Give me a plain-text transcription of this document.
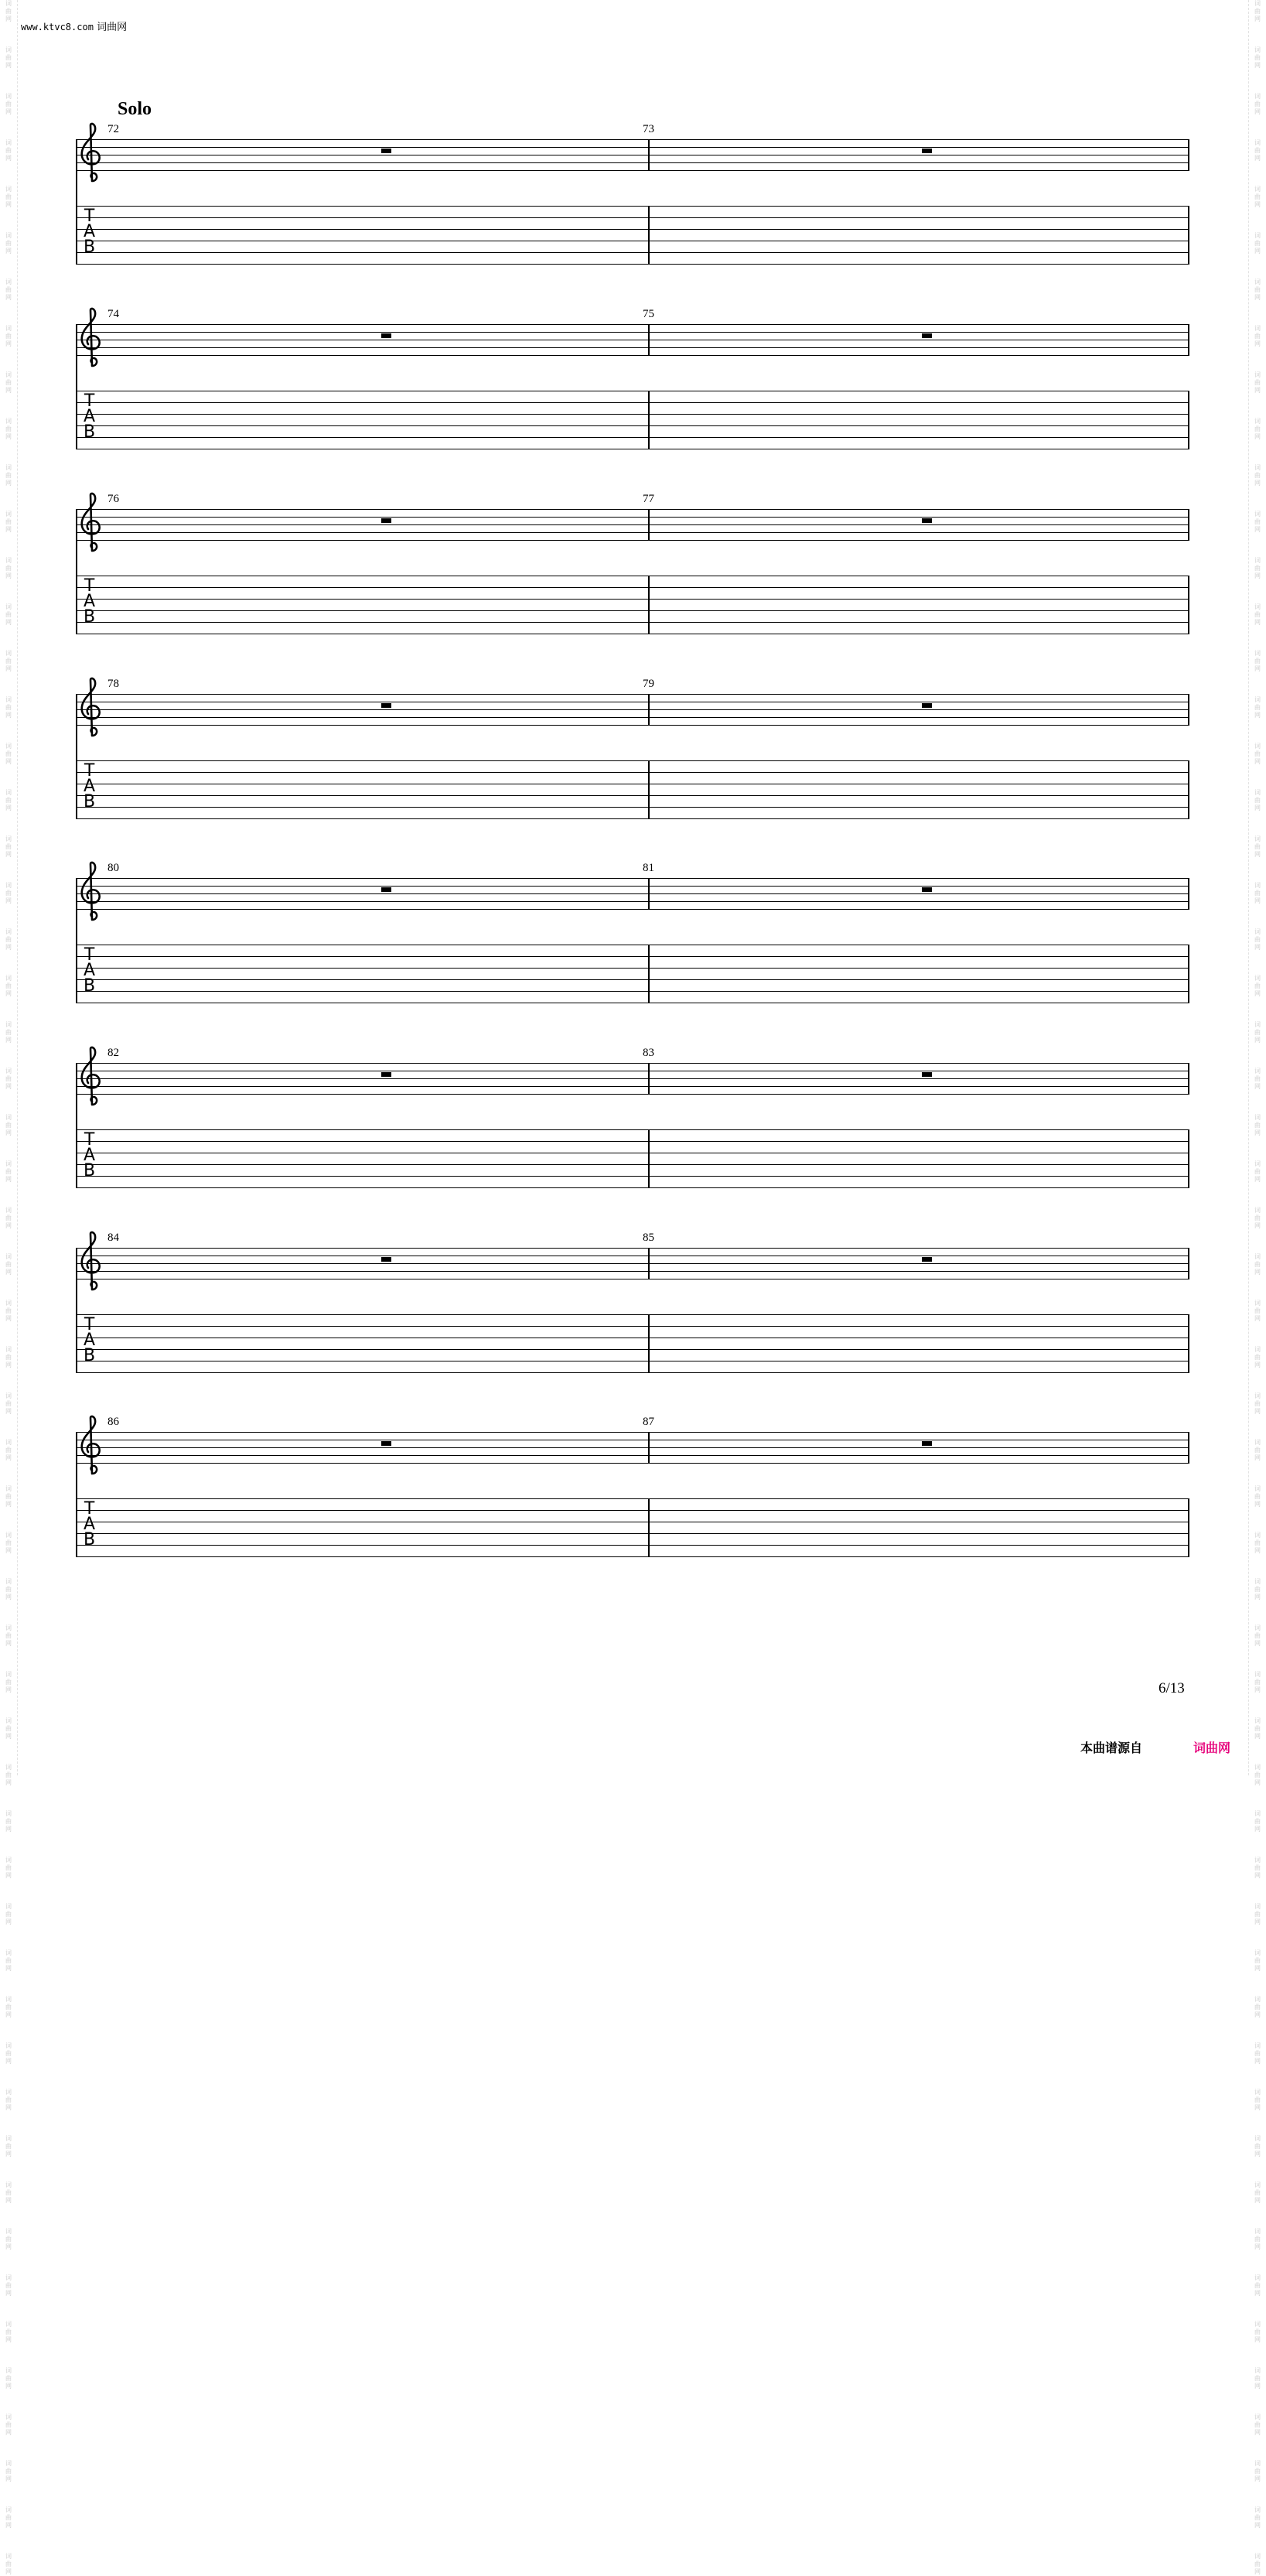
词
曲
网
词
曲
网
词
曲
网
词
曲
网
词
曲
网
词
曲
网
词
曲
网
词
曲
网
词
曲
网
词
曲
网
词
曲
网
词
曲
网
词
曲
网
词
曲
网
词
曲
网
词
曲
网
词
曲
网
词
曲
网
词
曲
网
词
曲
网
词
曲
网
词
曲
网
词
曲
网
词
曲
网
词
曲
网
词
曲
网
词
曲
网
词
曲
网
词
曲
网
词
曲
网
词
曲
网
词
曲
网
词
曲
网
词
曲
网
词
曲
网
词
曲
网
词
曲
网
词
曲
网
词
曲
网
词
曲
网
词
曲
网
词
曲
网
词
曲
网
词
曲
网
词
曲
网
词
曲
网
词
曲
网
词
曲
网
词
曲
网
词
曲
网
词
曲
网
词
曲
网
词
曲
网
词
曲
网
词
曲
网
词
曲
网
词
曲
网
词
曲
网
词
曲
网
词
曲
网
词
曲
网
词
曲
网
词
曲
网
词
曲
网
词
曲
网
词
曲
网
词
曲
网
词
曲
网
词
曲
网
词
曲
网
词
曲
网
词
曲
网
词
曲
网
词
曲
网
词
曲
网
词
曲
网
词
曲
网
词
曲
网
词
曲
网
词
曲
网
词
曲
网
词
曲
网
词
曲
网
词
曲
网
词
曲
网
词
曲
网
词
曲
网
词
曲
网
词
曲
网
词
曲
网
词
曲
网
词
曲
网
词
曲
网
词
曲
网
词
曲
网
词
曲
网
词
曲
网
词
曲
网
词
曲
网
词
曲
网
词
曲
网
词
曲
网
词
曲
网
词
曲
网
词
曲
网
词
曲
网
词
曲
网
词
曲
网
词
曲
网
词
曲
网
词
曲
网
词
曲
网
www.ktvc8.com 词曲网
Solo
72	73
T
A
B
74	75
T
A
B
76	77
T
A
B
78	79
T
A
B
80	81
T
A
B
82	83
T
A
B
84	85
T
A
B
86	87
T
A
B
6/13
本曲谱源自	词曲网
